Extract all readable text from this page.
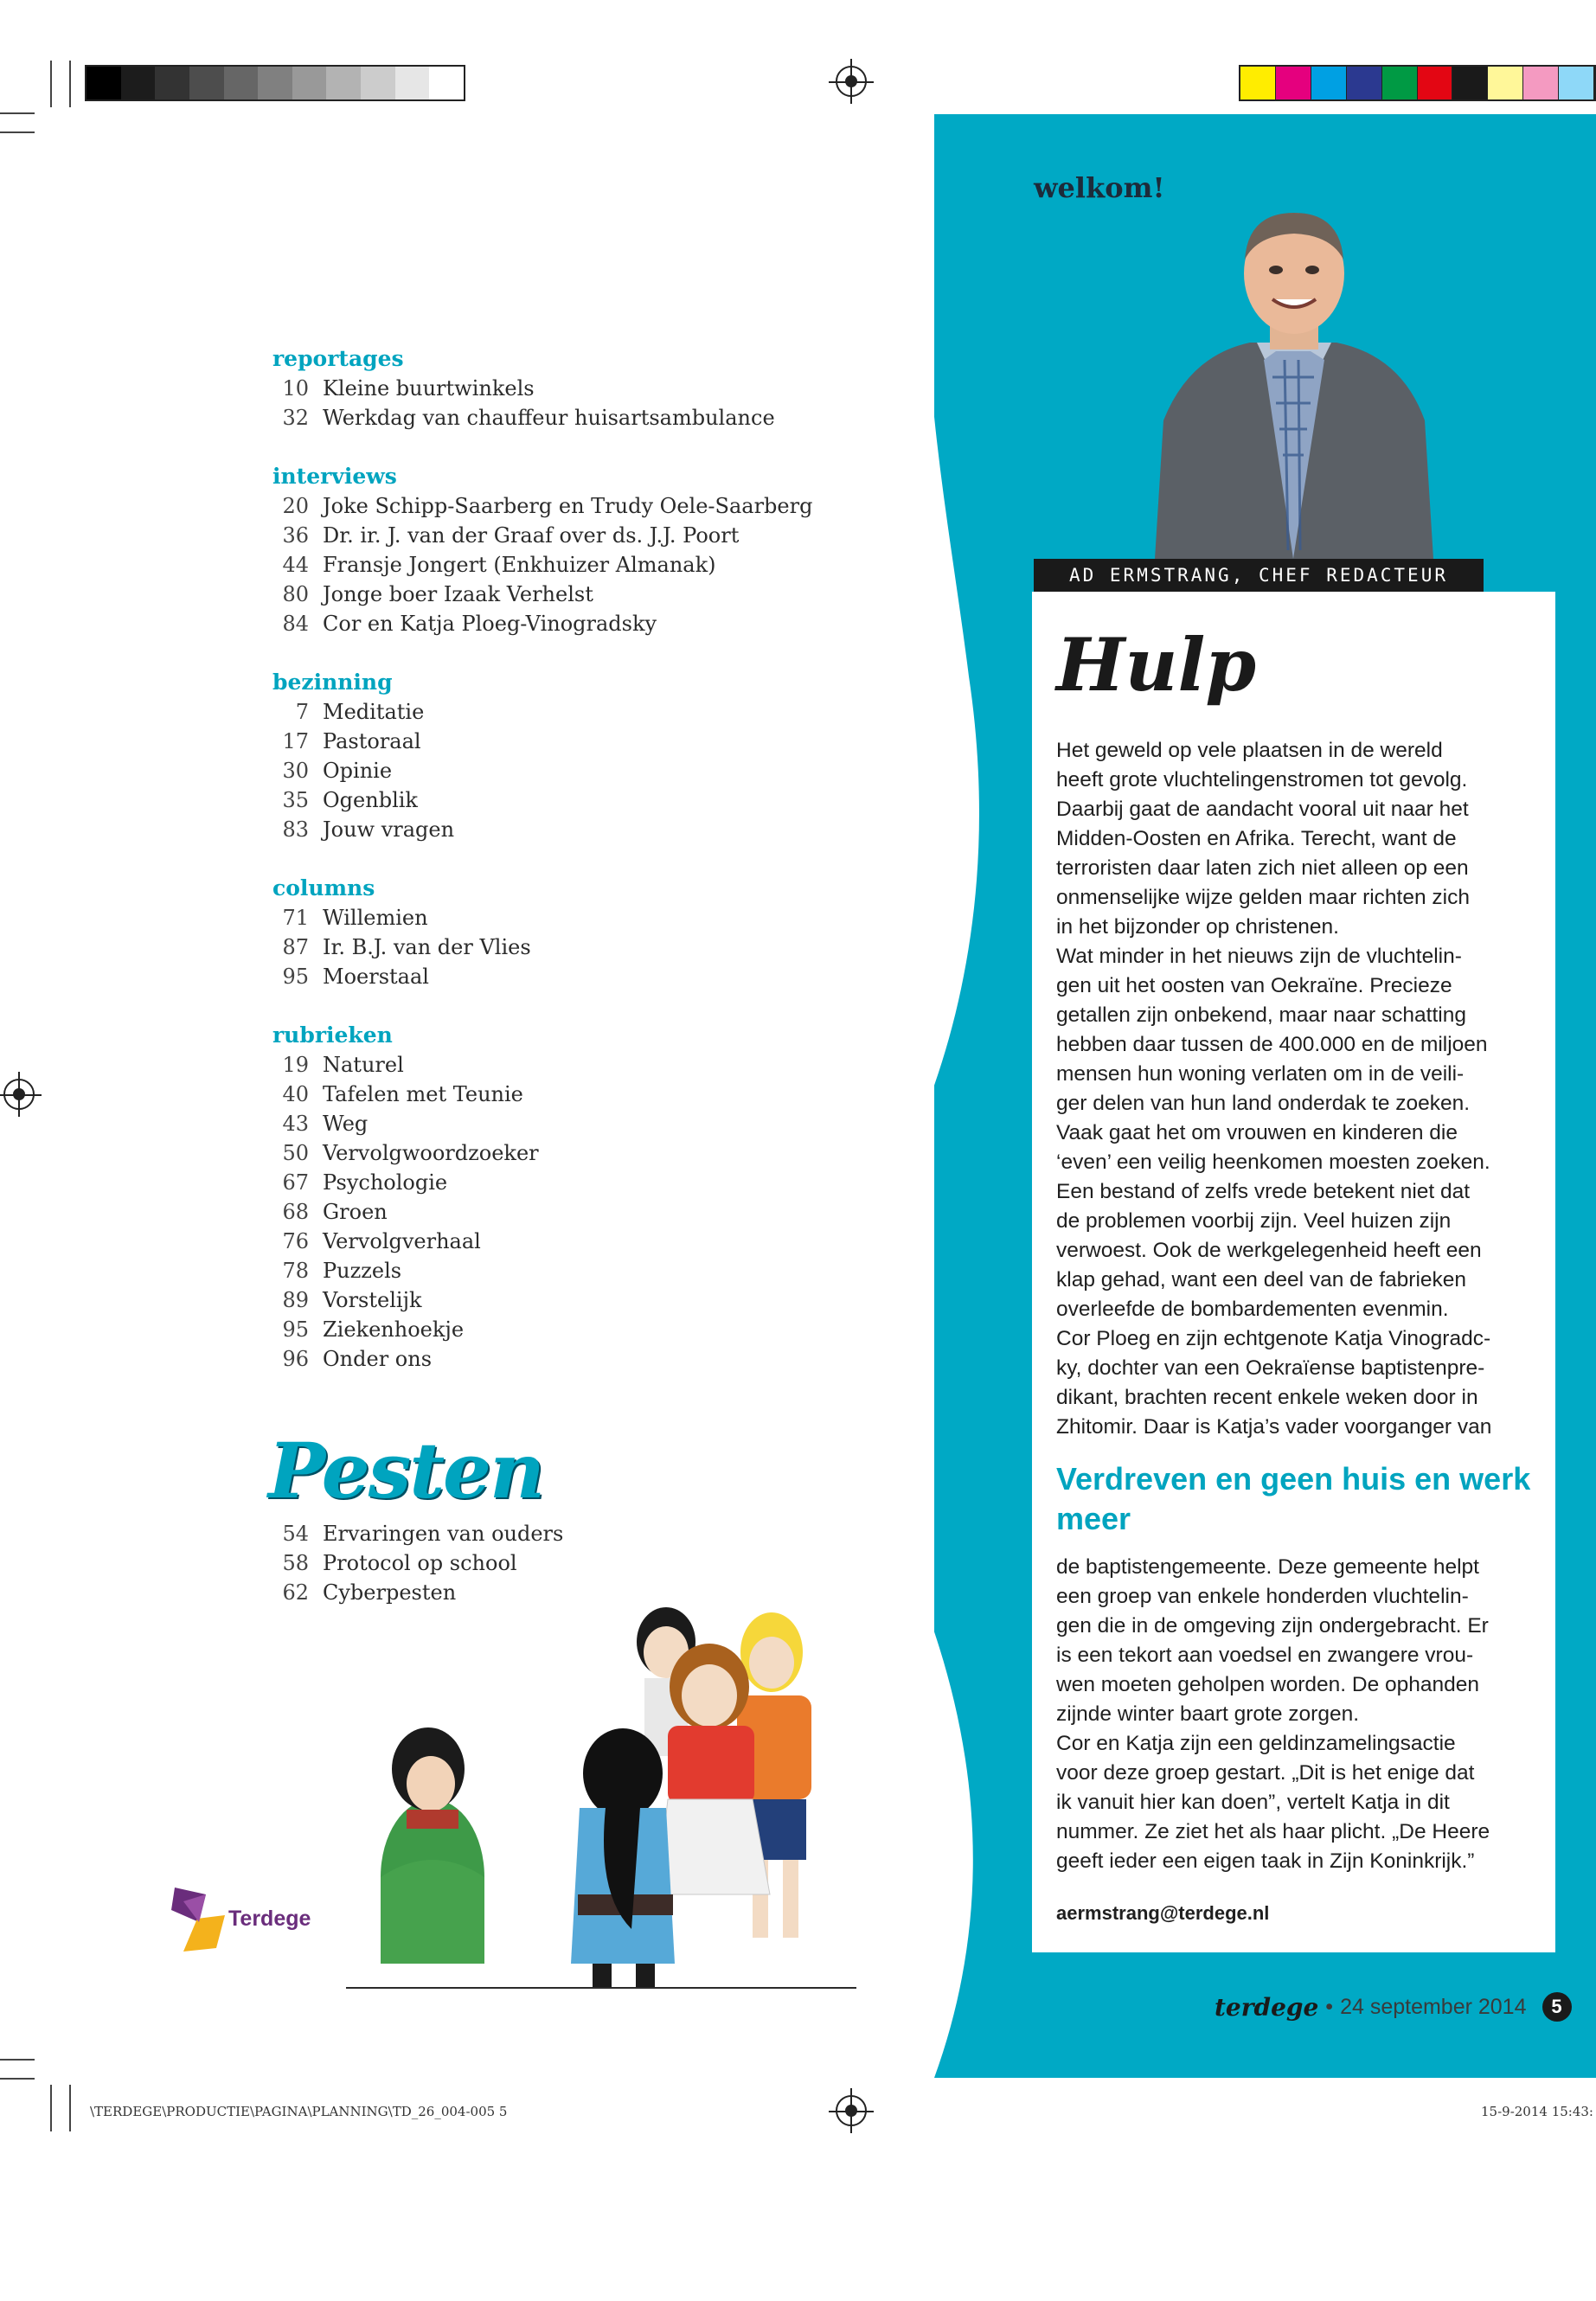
\TERDEGE\PRODUCTIE\PAGINA\PLANNING\TD_26_004-005 5	15-9-2014 15:43:
reportages
10 Kleine buurtwinkels
32 Werkdag van chauffeur huisartsambulance
interviews
20 Joke Schipp-Saarberg en Trudy Oele-Saarberg
36 Dr. ir. J. van der Graaf over ds. J.J. Poort
44 Fransje Jongert (Enkhuizer Almanak)
80 Jonge boer Izaak Verhelst
84 Cor en Katja Ploeg-Vinogradsky
bezinning
7 Meditatie
17 Pastoraal
30 Opinie
35 Ogenblik
83 Jouw vragen
columns
71 Willemien
87 Ir. B.J. van der Vlies
95 Moerstaal
rubrieken
19 Naturel
40 Tafelen met Teunie
43 Weg
50 Vervolgwoordzoeker
67 Psychologie
68 Groen
76 Vervolgverhaal
78 Puzzels
89 Vorstelijk
95 Ziekenhoekje
96 Onder ons
Pesten
54 Ervaringen van ouders
58 Protocol op school
62 Cyberpesten
Terdege
welkom!
AD ERMSTRANG, CHEF REDACTEUR
Hulp

Het geweld op vele plaatsen in de wereld
heeft grote vluchtelingenstromen tot gevolg.
Daarbij gaat de aandacht vooral uit naar het
Midden-Oosten en Afrika. Terecht, want de
terroristen daar laten zich niet alleen op een
onmenselijke wijze gelden maar richten zich
in het bijzonder op christenen.
Wat minder in het nieuws zijn de vluchtelin-
gen uit het oosten van Oekraïne. Precieze
getallen zijn onbekend, maar naar schatting
hebben daar tussen de 400.000 en de miljoen
mensen hun woning verlaten om in de veili-
ger delen van hun land onderdak te zoeken.
Vaak gaat het om vrouwen en kinderen die
‘even’ een veilig heenkomen moesten zoeken.
Een bestand of zelfs vrede betekent niet dat
de problemen voorbij zijn. Veel huizen zijn
verwoest. Ook de werkgelegenheid heeft een
klap gehad, want een deel van de fabrieken
overleefde de bombardementen evenmin.
Cor Ploeg en zijn echtgenote Katja Vinogradс-
ky, dochter van een Oekraïense baptistenpre-
dikant, brachten recent enkele weken door in
Zhitomir. Daar is Katja’s vader voorganger van

Verdreven en geen huis en werk meer

de baptistengemeente. Deze gemeente helpt
een groep van enkele honderden vluchtelin-
gen die in de omgeving zijn ondergebracht. Er
is een tekort aan voedsel en zwangere vrou-
wen moeten geholpen worden. De ophanden
zijnde winter baart grote zorgen.
Cor en Katja zijn een geldinzamelingsactie
voor deze groep gestart. „Dit is het enige dat
ik vanuit hier kan doen”, vertelt Katja in dit
nummer. Ze ziet het als haar plicht. „De Heere
geeft ieder een eigen taak in Zijn Koninkrijk.”

aermstrang@terdege.nl
terdege • 24 september 2014	5
